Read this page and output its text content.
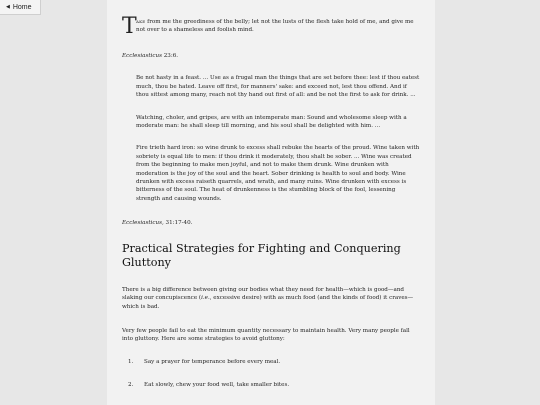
◀ Home
T ake from me the greediness of the belly; let not the lusts of the flesh take hold of me, and give me not over to a shameless and foolish mind.
Ecclesiasticus 23:6.
Be not hasty in a feast. ... Use as a frugal man the things that are set before thee: lest if thou eatest much, thou be hated. Leave off first, for manners' sake: and exceed not, lest thou offend. And if thou sittest among many, reach not thy hand out first of all: and be not the first to ask for drink. ...
Watching, choler, and gripes, are with an intemperate man: Sound and wholesome sleep with a moderate man: he shall sleep till morning, and his soul shall be delighted with him. ...
Fire trieth hard iron: so wine drunk to excess shall rebuke the hearts of the proud. Wine taken with sobriety is equal life to men: if thou drink it moderately, thou shalt be sober. ... Wine was created from the beginning to make men joyful, and not to make them drunk. Wine drunken with moderation is the joy of the soul and the heart. Sober drinking is health to soul and body. Wine drunken with excess raiseth quarrels, and wrath, and many ruins. Wine drunken with excess is bitterness of the soul. The heat of drunkenness is the stumbling block of the fool, lessening strength and causing wounds.
Ecclesiasticus, 31:17-40.
Practical Strategies for Fighting and Conquering Gluttony
There is a big difference between giving our bodies what they need for health—which is good—and slaking our concupiscence (i.e., excessive desire) with as much food (and the kinds of food) it craves—which is bad.
Very few people fail to eat the minimum quantity necessary to maintain health. Very many people fall into gluttony. Here are some strategies to avoid gluttony:
1.	Say a prayer for temperance before every meal.
2.	Eat slowly, chew your food well, take smaller bites.
